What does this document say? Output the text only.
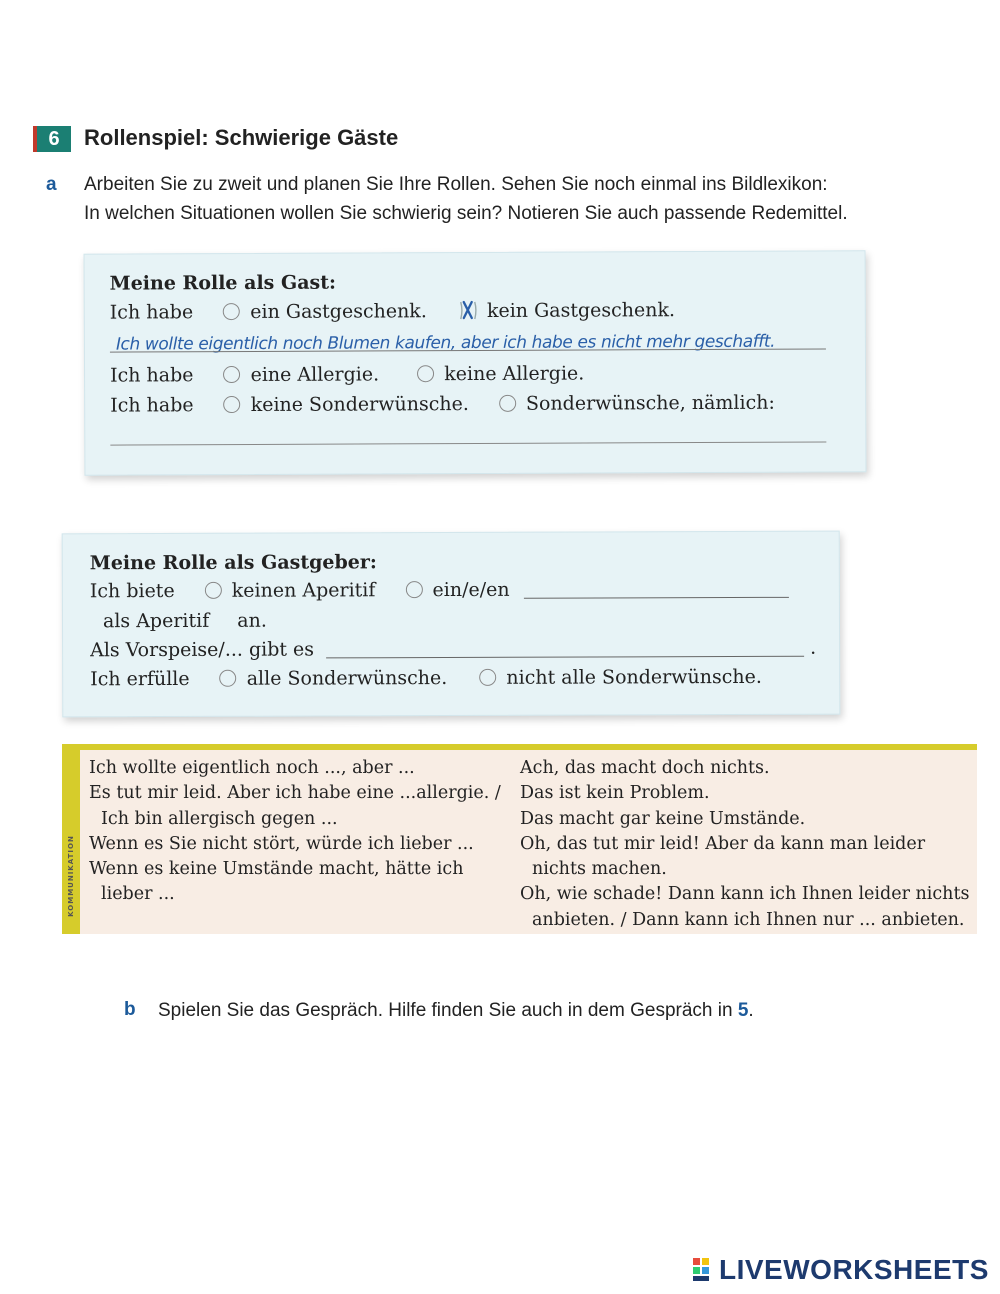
6	Rollenspiel: Schwierige Gäste
a Arbeiten Sie zu zweit und planen Sie Ihre Rollen. Sehen Sie noch einmal ins Bildlexikon:
In welchen Situationen wollen Sie schwierig sein? Notieren Sie auch passende Redemittel.
Meine Rolle als Gast:
Ich habe	ein Gastgeschenk.	kein Gastgeschenk.
Ich wollte eigentlich noch Blumen kaufen, aber ich habe es nicht mehr geschafft.
Ich habe	eine Allergie.	keine Allergie.
Ich habe	keine Sonderwünsche.	Sonderwünsche, nämlich:
Meine Rolle als Gastgeber:
Ich biete	keinen Aperitif	ein/e/en
als Aperitif an.
Als Vorspeise/... gibt es	.
Ich erfülle	alle Sonderwünsche.	nicht alle Sonderwünsche.
KOMMUNIKATION
Ich wollte eigentlich noch ..., aber ...
Es tut mir leid. Aber ich habe eine ...allergie. /
Ich bin allergisch gegen ...
Wenn es Sie nicht stört, würde ich lieber ...
Wenn es keine Umstände macht, hätte ich
lieber ...
Ach, das macht doch nichts.
Das ist kein Problem.
Das macht gar keine Umstände.
Oh, das tut mir leid! Aber da kann man leider
nichts machen.
Oh, wie schade! Dann kann ich Ihnen leider nichts
anbieten. / Dann kann ich Ihnen nur ... anbieten.
b Spielen Sie das Gespräch. Hilfe finden Sie auch in dem Gespräch in 5.
LIVEWORKSHEETS
